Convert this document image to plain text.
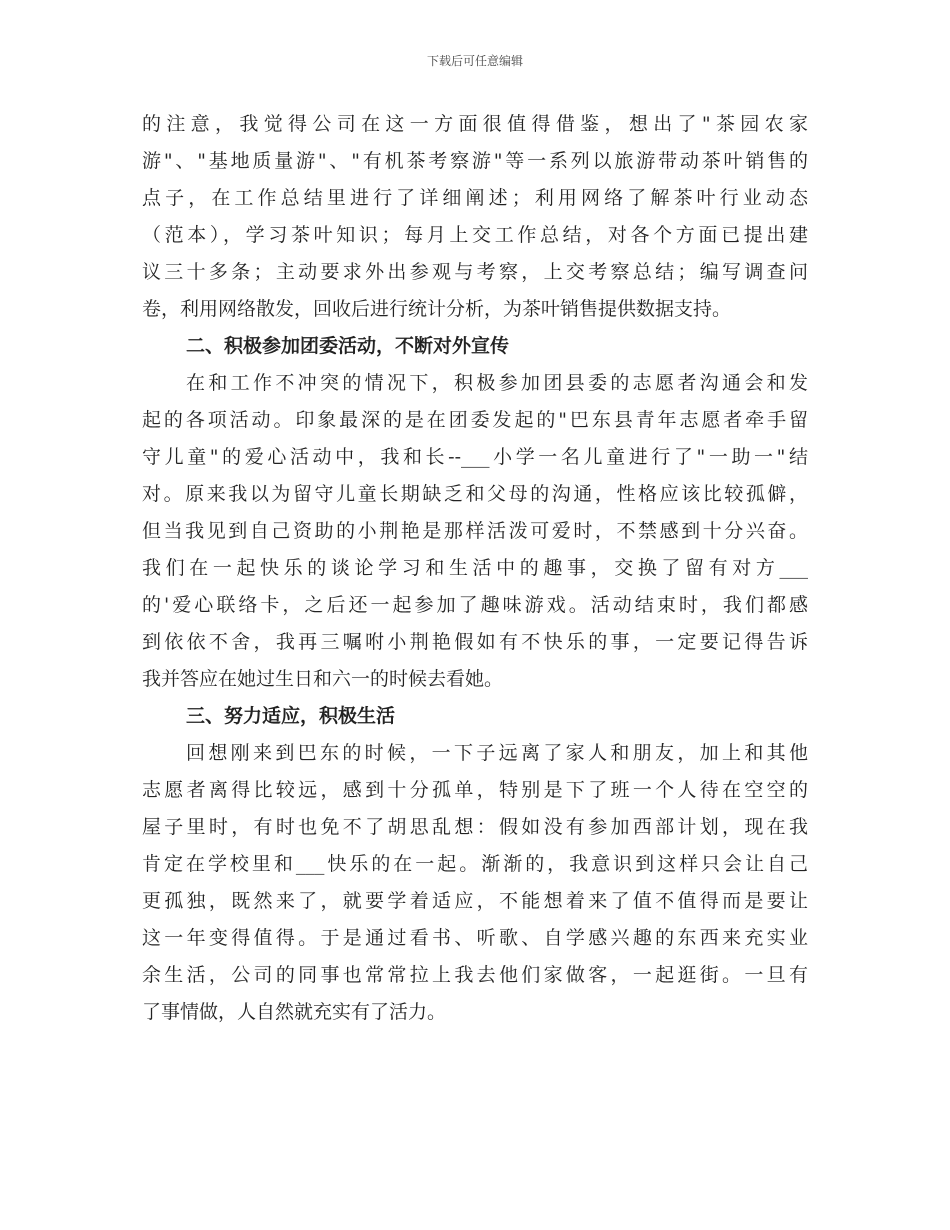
下载后可任意编辑
的注意，我觉得公司在这一方面很值得借鉴，想出了"茶园农家
游"、"基地质量游"、"有机茶考察游"等一系列以旅游带动茶叶销售的
点子，在工作总结里进行了详细阐述；利用网络了解茶叶行业动态
（范本），学习茶叶知识；每月上交工作总结，对各个方面已提出建
议三十多条；主动要求外出参观与考察，上交考察总结；编写调查问
卷，利用网络散发，回收后进行统计分析，为茶叶销售提供数据支持。
二、积极参加团委活动，不断对外宣传
在和工作不冲突的情况下，积极参加团县委的志愿者沟通会和发
起的各项活动。印象最深的是在团委发起的"巴东县青年志愿者牵手留
守儿童"的爱心活动中，我和长--___小学一名儿童进行了"一助一"结
对。原来我以为留守儿童长期缺乏和父母的沟通，性格应该比较孤僻，
但当我见到自己资助的小荆艳是那样活泼可爱时，不禁感到十分兴奋。
我们在一起快乐的谈论学习和生活中的趣事，交换了留有对方___
的'爱心联络卡，之后还一起参加了趣味游戏。活动结束时，我们都感
到依依不舍，我再三嘱咐小荆艳假如有不快乐的事，一定要记得告诉
我并答应在她过生日和六一的时候去看她。
三、努力适应，积极生活
回想刚来到巴东的时候，一下子远离了家人和朋友，加上和其他
志愿者离得比较远，感到十分孤单，特别是下了班一个人待在空空的
屋子里时，有时也免不了胡思乱想：假如没有参加西部计划，现在我
肯定在学校里和___快乐的在一起。渐渐的，我意识到这样只会让自己
更孤独，既然来了，就要学着适应，不能想着来了值不值得而是要让
这一年变得值得。于是通过看书、听歌、自学感兴趣的东西来充实业
余生活，公司的同事也常常拉上我去他们家做客，一起逛街。一旦有
了事情做，人自然就充实有了活力。
